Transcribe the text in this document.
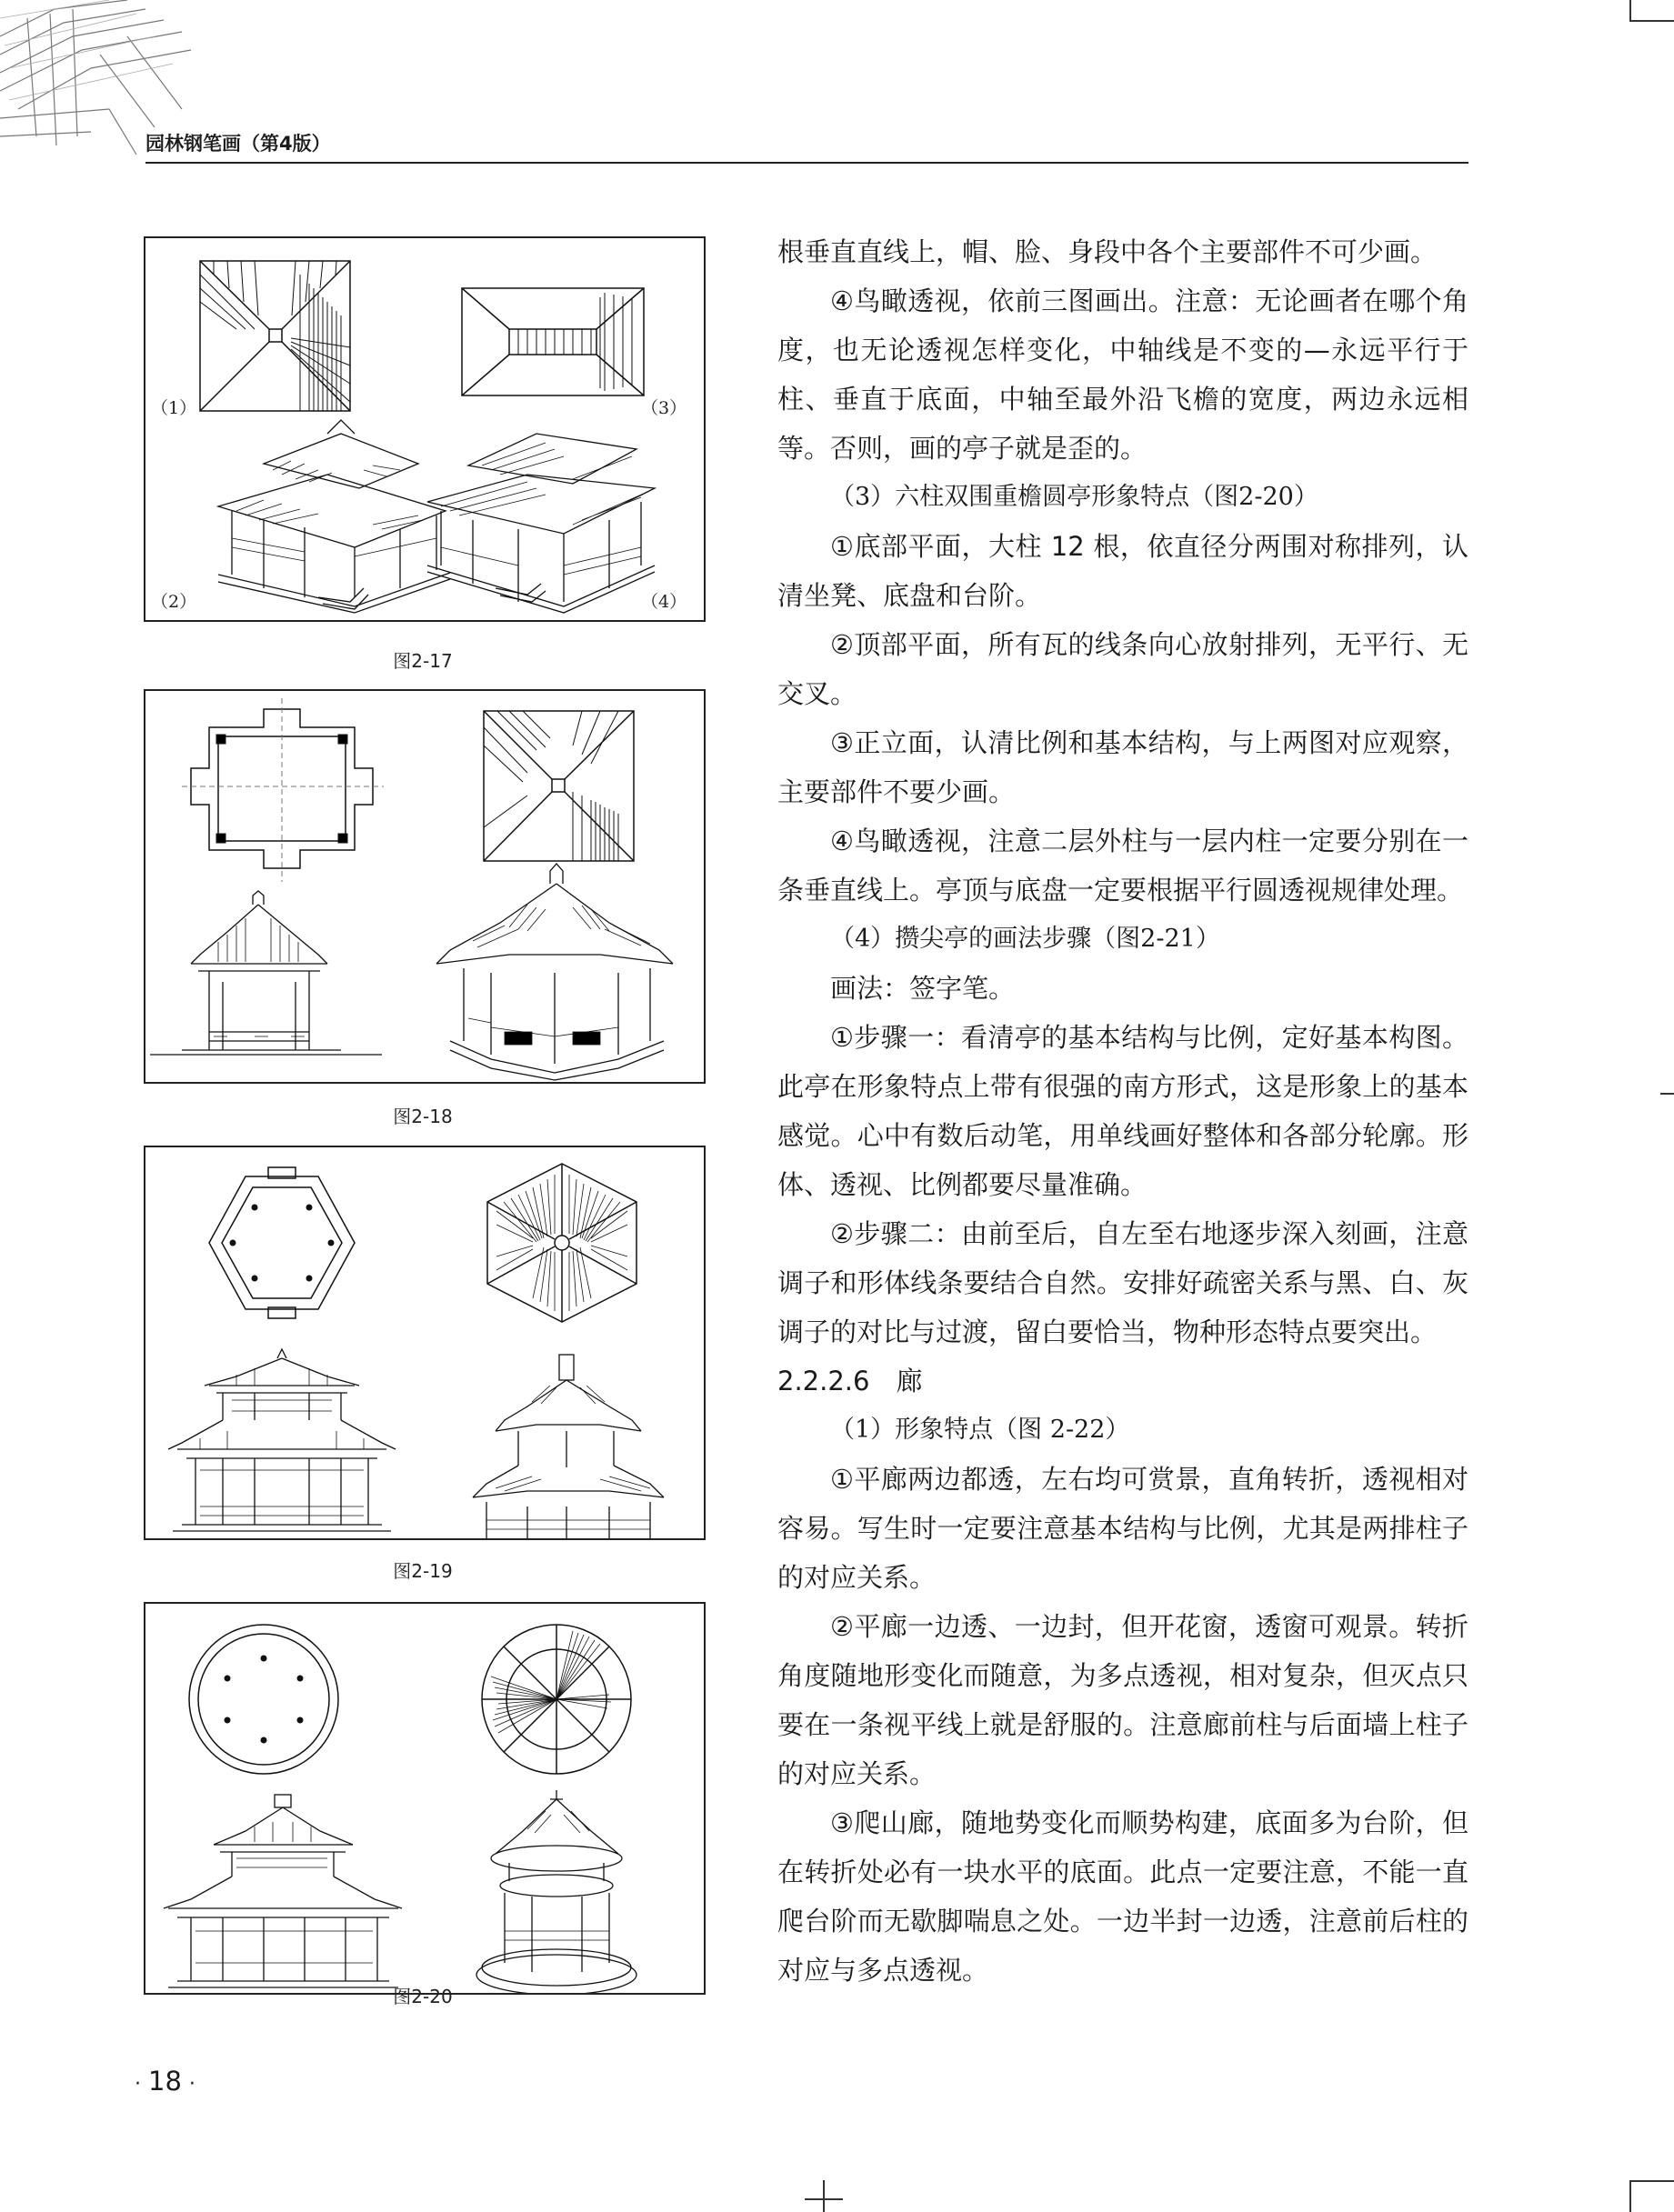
园林钢笔画（第4版）
（1）	（3）
（2）	（4）
图2-17
图2-18
图2-19
图2-20

根垂直直线上，帽、脸、身段中各个主要部件不可少画。

④鸟瞰透视，依前三图画出。注意：无论画者在哪个角度，也无论透视怎样变化，中轴线是不变的—永远平行于柱、垂直于底面，中轴至最外沿飞檐的宽度，两边永远相等。否则，画的亭子就是歪的。

（3）六柱双围重檐圆亭形象特点（图2-20）

①底部平面，大柱 12 根，依直径分两围对称排列，认清坐凳、底盘和台阶。

②顶部平面，所有瓦的线条向心放射排列，无平行、无交叉。

③正立面，认清比例和基本结构，与上两图对应观察，主要部件不要少画。

④鸟瞰透视，注意二层外柱与一层内柱一定要分别在一条垂直线上。亭顶与底盘一定要根据平行圆透视规律处理。

（4）攒尖亭的画法步骤（图2-21）

画法：签字笔。

①步骤一：看清亭的基本结构与比例，定好基本构图。此亭在形象特点上带有很强的南方形式，这是形象上的基本感觉。心中有数后动笔，用单线画好整体和各部分轮廓。形体、透视、比例都要尽量准确。

②步骤二：由前至后，自左至右地逐步深入刻画，注意调子和形体线条要结合自然。安排好疏密关系与黑、白、灰调子的对比与过渡，留白要恰当，物种形态特点要突出。

2.2.2.6　廊

（1）形象特点（图 2-22）

①平廊两边都透，左右均可赏景，直角转折，透视相对容易。写生时一定要注意基本结构与比例，尤其是两排柱子的对应关系。

②平廊一边透、一边封，但开花窗，透窗可观景。转折角度随地形变化而随意，为多点透视，相对复杂，但灭点只要在一条视平线上就是舒服的。注意廊前柱与后面墙上柱子的对应关系。

③爬山廊，随地势变化而顺势构建，底面多为台阶，但在转折处必有一块水平的底面。此点一定要注意，不能一直爬台阶而无歇脚喘息之处。一边半封一边透，注意前后柱的对应与多点透视。

· 18 ·
